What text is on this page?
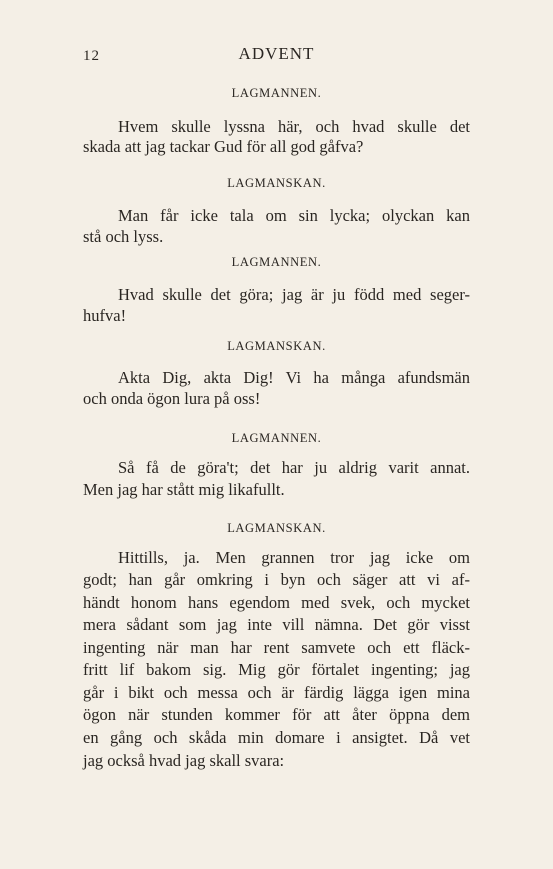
12	ADVENT
LAGMANNEN.
Hvem skulle lyssna här, och hvad skulle det
skada att jag tackar Gud för all god gåfva?
LAGMANSKAN.
Man får icke tala om sin lycka; olyckan kan
stå och lyss.
LAGMANNEN.
Hvad skulle det göra; jag är ju född med seger-
hufva!
LAGMANSKAN.
Akta Dig, akta Dig! Vi ha många afundsmän
och onda ögon lura på oss!
LAGMANNEN.
Så få de göra't; det har ju aldrig varit annat.
Men jag har stått mig likafullt.
LAGMANSKAN.
Hittills, ja. Men grannen tror jag icke om
godt; han går omkring i byn och säger att vi af-
händt honom hans egendom med svek, och mycket
mera sådant som jag inte vill nämna. Det gör visst
ingenting när man har rent samvete och ett fläck-
fritt lif bakom sig. Mig gör förtalet ingenting; jag
går i bikt och messa och är färdig lägga igen mina
ögon när stunden kommer för att åter öppna dem
en gång och skåda min domare i ansigtet. Då vet
jag också hvad jag skall svara:
